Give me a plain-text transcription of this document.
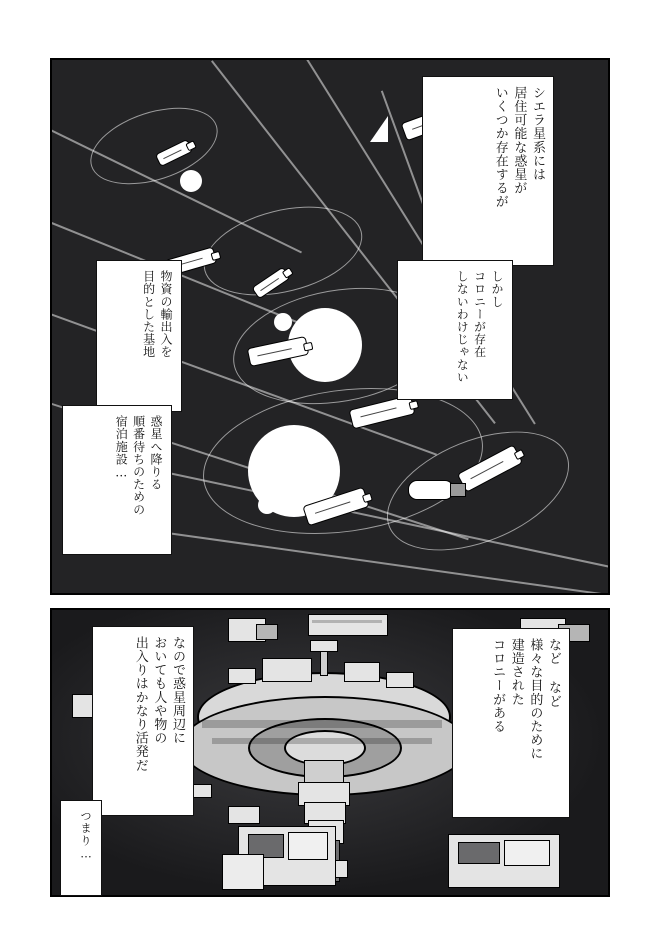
シエラ星系には
居住可能な惑星が
いくつか存在するが
しかし
コロニーが存在
しないわけじゃない
物資の輸出入を
目的とした基地
惑星へ降りる
順番待ちのための
宿泊施設…
など など
様々な目的のために
建造された
コロニーがある
なので惑星周辺に
おいても人や物の
出入りはかなり活発だ
つまり…
